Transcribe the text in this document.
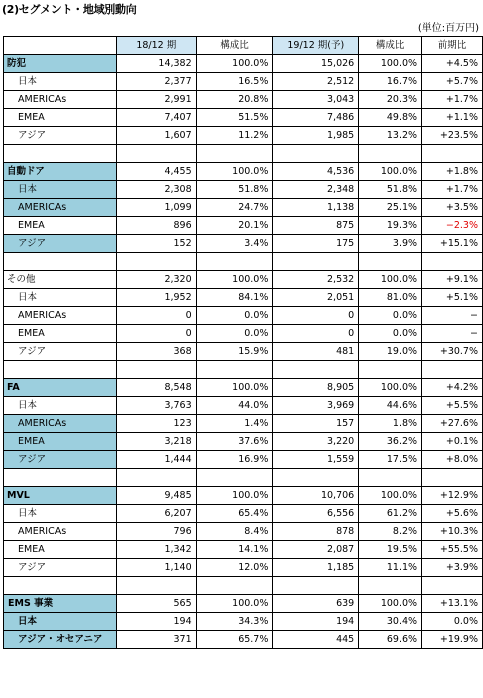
(2)セグメント・地域別動向
(単位:百万円)
	18/12 期	構成比	19/12 期(予)	構成比	前期比
防犯	14,382	100.0%	15,026	100.0%	+4.5%
日本	2,377	16.5%	2,512	16.7%	+5.7%
AMERICAs	2,991	20.8%	3,043	20.3%	+1.7%
EMEA	7,407	51.5%	7,486	49.8%	+1.1%
アジア	1,607	11.2%	1,985	13.2%	+23.5%

自動ドア	4,455	100.0%	4,536	100.0%	+1.8%
日本	2,308	51.8%	2,348	51.8%	+1.7%
AMERICAs	1,099	24.7%	1,138	25.1%	+3.5%
EMEA	896	20.1%	875	19.3%	−2.3%
アジア	152	3.4%	175	3.9%	+15.1%

その他	2,320	100.0%	2,532	100.0%	+9.1%
日本	1,952	84.1%	2,051	81.0%	+5.1%
AMERICAs	0	0.0%	0	0.0%	−
EMEA	0	0.0%	0	0.0%	−
アジア	368	15.9%	481	19.0%	+30.7%

FA	8,548	100.0%	8,905	100.0%	+4.2%
日本	3,763	44.0%	3,969	44.6%	+5.5%
AMERICAs	123	1.4%	157	1.8%	+27.6%
EMEA	3,218	37.6%	3,220	36.2%	+0.1%
アジア	1,444	16.9%	1,559	17.5%	+8.0%

MVL	9,485	100.0%	10,706	100.0%	+12.9%
日本	6,207	65.4%	6,556	61.2%	+5.6%
AMERICAs	796	8.4%	878	8.2%	+10.3%
EMEA	1,342	14.1%	2,087	19.5%	+55.5%
アジア	1,140	12.0%	1,185	11.1%	+3.9%

EMS 事業	565	100.0%	639	100.0%	+13.1%
日本	194	34.3%	194	30.4%	0.0%
アジア・オセアニア	371	65.7%	445	69.6%	+19.9%
